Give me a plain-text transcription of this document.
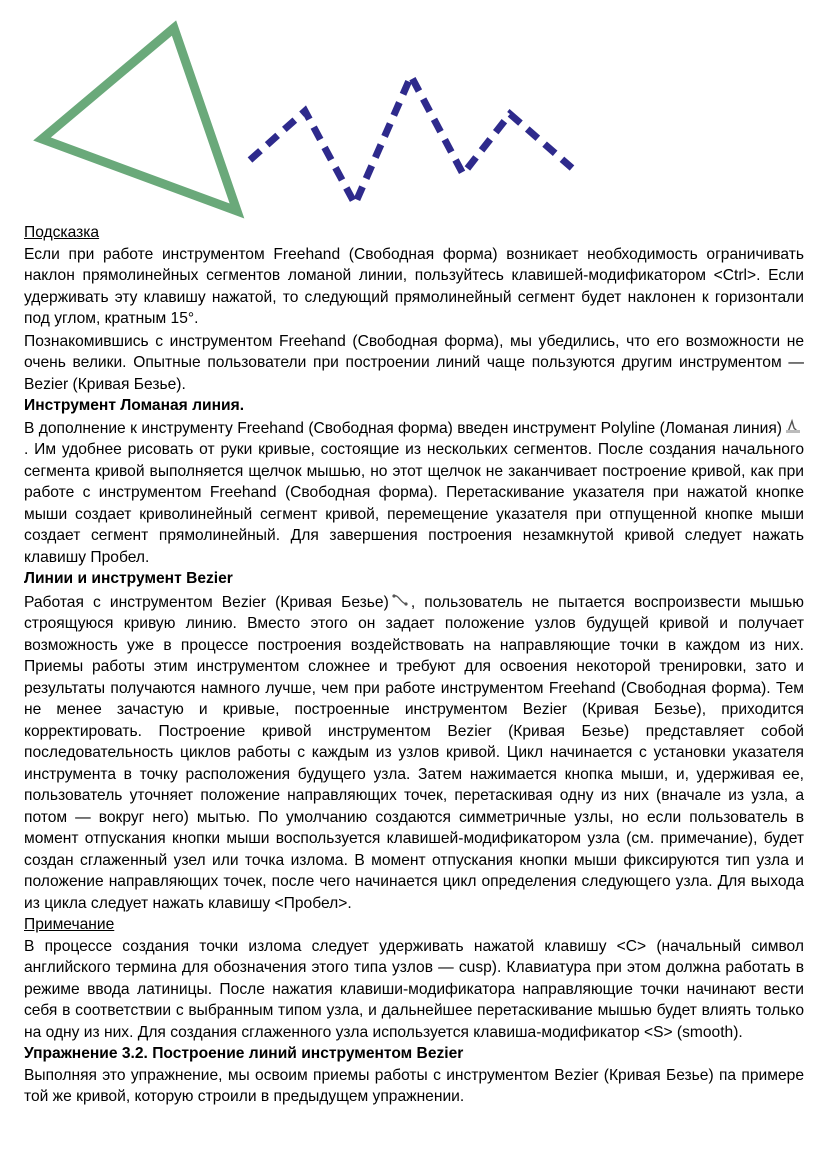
Подсказка

Если при работе инструментом Freehand (Свободная форма) возникает необходимость ограничивать наклон прямолинейных сегментов ломаной линии, пользуйтесь клавишей-модификатором <Ctrl>. Если удерживать эту клавишу нажатой, то следующий прямолинейный сегмент будет наклонен к горизонтали под углом, кратным 15°.

Познакомившись с инструментом Freehand (Свободная форма), мы убедились, что его возможности не очень велики. Опытные пользователи при построении линий чаще пользуются другим инструментом — Bezier (Кривая Безье).

Инструмент Ломаная линия.

В дополнение к инструменту Freehand (Свободная форма) введен инструмент Polyline (Ломаная линия). Им удобнее рисовать от руки кривые, состоящие из нескольких сегментов. После создания начального сегмента кривой выполняется щелчок мышью, но этот щелчок не заканчивает построение кривой, как при работе с инструментом Freehand (Свободная форма). Перетаскивание указателя при нажатой кнопке мыши создает криволинейный сегмент кривой, перемещение указателя при отпущенной кнопке мыши создает сегмент прямолинейный. Для завершения построения незамкнутой кривой следует нажать клавишу Пробел.

Линии и инструмент Bezier

Работая с инструментом Bezier (Кривая Безье) , пользователь не пытается воспроизвести мышью строящуюся кривую линию. Вместо этого он задает положение узлов будущей кривой и получает возможность уже в процессе построения воздействовать на направляющие точки в каждом из них. Приемы работы этим инструментом сложнее и требуют для освоения некоторой тренировки, зато и результаты получаются намного лучше, чем при работе инструментом Freehand (Свободная форма). Тем не менее зачастую и кривые, построенные инструментом Bezier (Кривая Безье), приходится корректировать. Построение кривой инструментом Bezier (Кривая Безье) представляет собой последовательность циклов работы с каждым из узлов кривой. Цикл начинается с установки указателя инструмента в точку расположения будущего узла. Затем нажимается кнопка мыши, и, удерживая ее, пользователь уточняет положение направляющих точек, перетаскивая одну из них (вначале из узла, а потом — вокруг него) мытью. По умолчанию создаются симметричные узлы, но если пользователь в момент отпускания кнопки мыши воспользуется клавишей-модификатором узла (см. примечание), будет создан сглаженный узел или точка излома. В момент отпускания кнопки мыши фиксируются тип узла и положение направляющих точек, после чего начинается цикл определения следующего узла. Для выхода из цикла следует нажать клавишу <Пробел>.

Примечание

В процессе создания точки излома следует удерживать нажатой клавишу <С> (начальный символ английского термина для обозначения этого типа узлов — cusp). Клавиатура при этом должна работать в режиме ввода латиницы. После нажатия клавиши-модификатора направляющие точки начинают вести себя в соответствии с выбранным типом узла, и дальнейшее перетаскивание мышью будет влиять только на одну из них. Для создания сглаженного узла используется клавиша-модификатор <S> (smooth).

Упражнение 3.2. Построение линий инструментом Bezier

Выполняя это упражнение, мы освоим приемы работы с инструментом Bezier (Кривая Безье) па примере той же кривой, которую строили в предыдущем упражнении.
